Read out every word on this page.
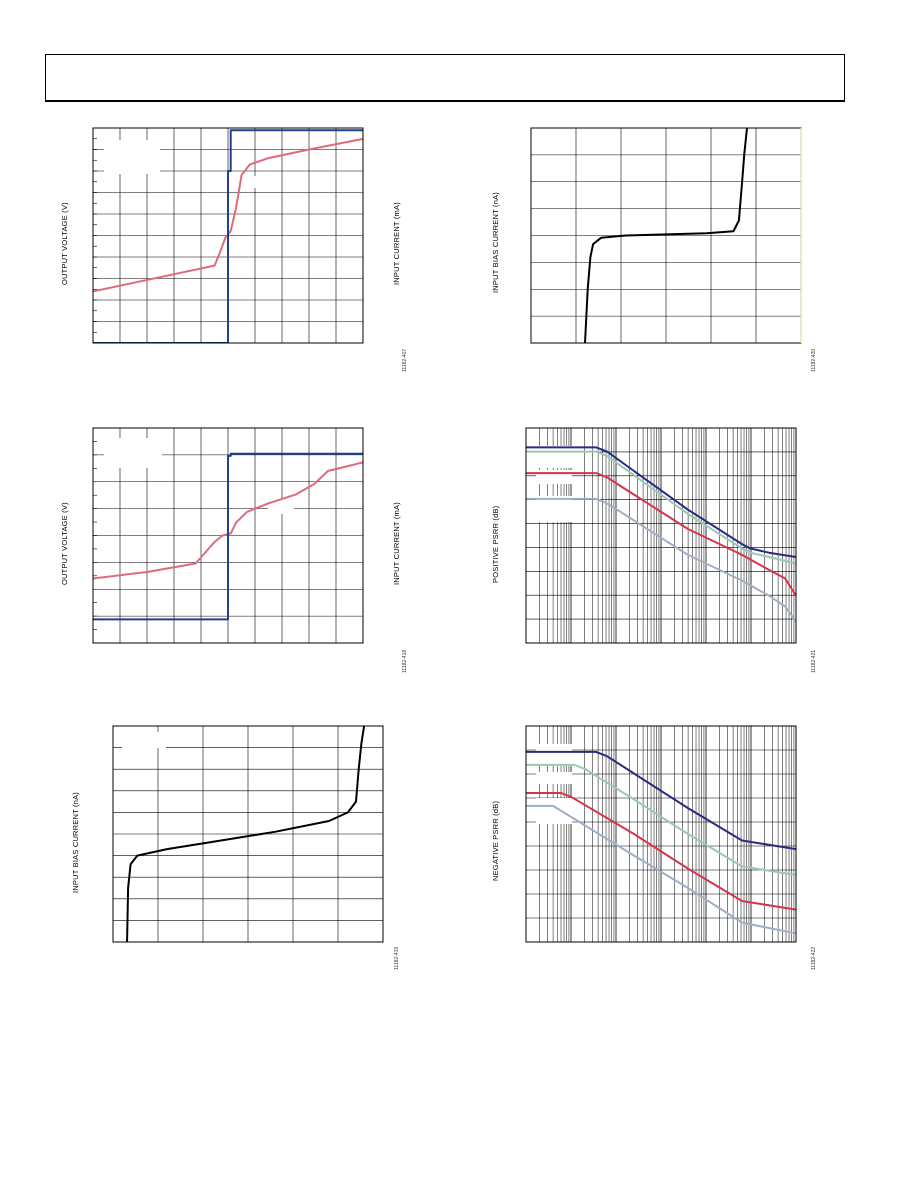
OUTPUT VOLTAGE (V)	INPUT CURRENT (mA)
11182-407
INPUT BIAS CURRENT (nA)
11182-420
OUTPUT VOLTAGE (V)	INPUT CURRENT (mA)
11182-418
POSITIVE PSRR (dB)
11182-421
INPUT BIAS CURRENT (nA)
11182-419
NEGATIVE PSRR (dB)
11182-422
